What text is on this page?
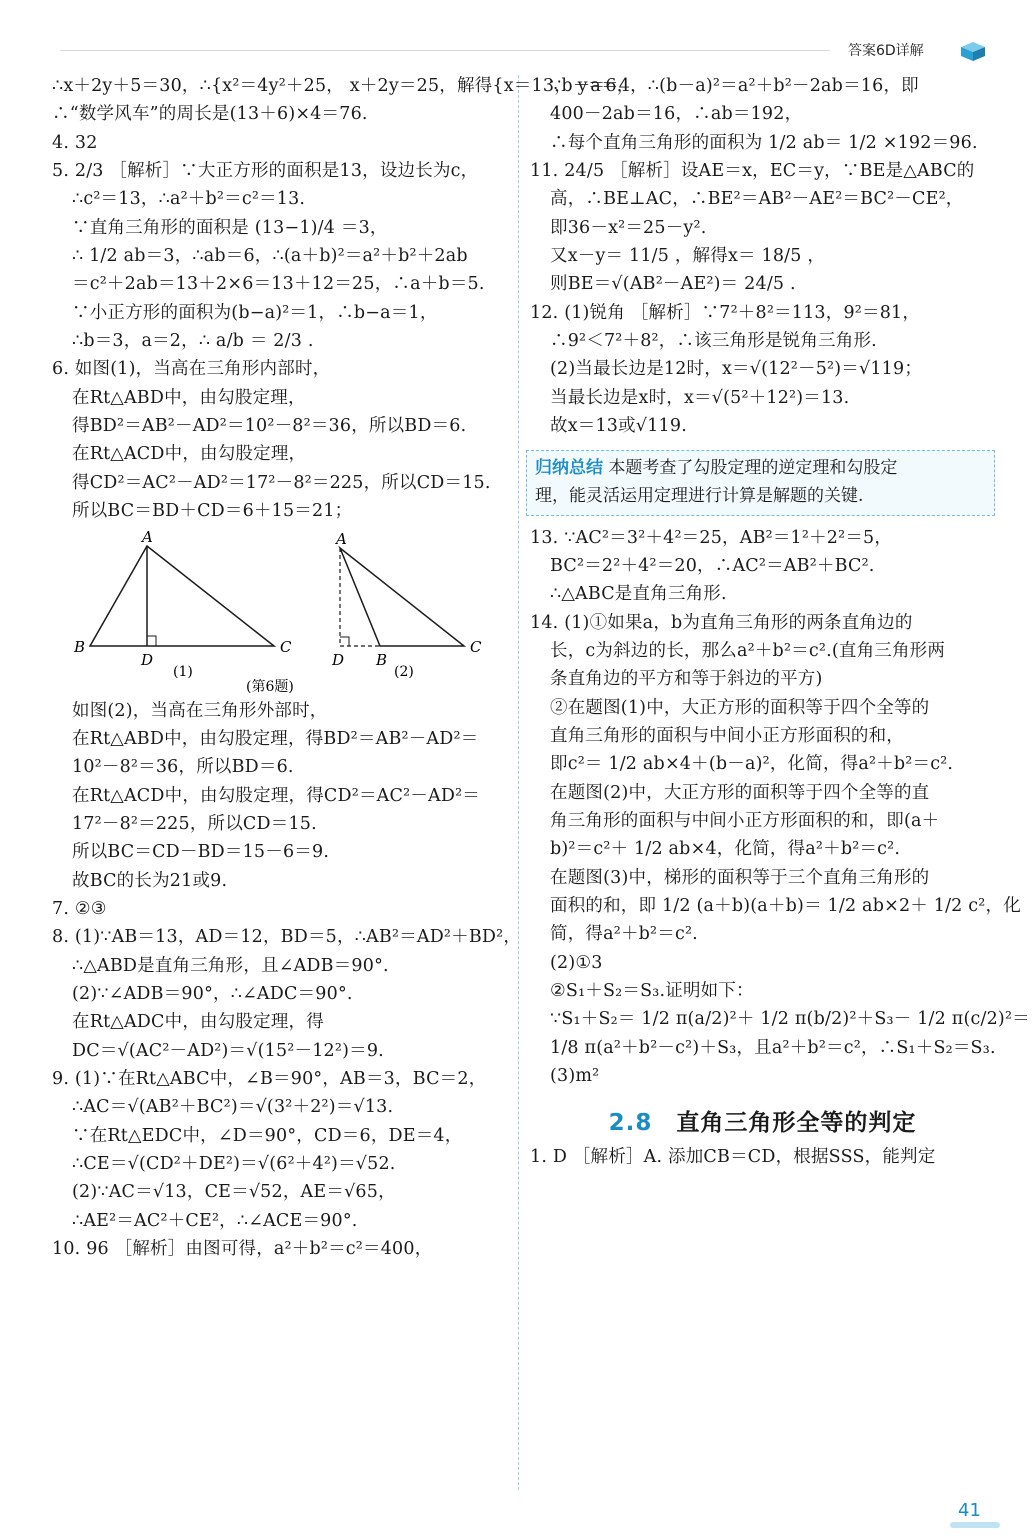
答案6D详解
∴x＋2y＋5＝30，∴{x²＝4y²＋25， x＋2y＝25，解得{x＝13， y＝6，
∴“数学风车”的周长是(13＋6)×4＝76.
4. 32
5. 2/3 ［解析］∵大正方形的面积是13，设边长为c，
∴c²＝13，∴a²＋b²＝c²＝13.
∵直角三角形的面积是 (13−1)/4 ＝3，
∴ 1/2 ab＝3，∴ab＝6，∴(a＋b)²＝a²＋b²＋2ab
＝c²＋2ab＝13＋2×6＝13＋12＝25，∴a＋b＝5.
∵小正方形的面积为(b−a)²＝1，∴b−a＝1，
∴b＝3，a＝2，∴ a/b ＝ 2/3 .
6. 如图(1)，当高在三角形内部时，
在Rt△ABD中，由勾股定理，
得BD²＝AB²－AD²＝10²－8²＝36，所以BD＝6.
在Rt△ACD中，由勾股定理，
得CD²＝AC²－AD²＝17²－8²＝225，所以CD＝15.
所以BC＝BD＋CD＝6＋15＝21；
A
B
D
C
(1)
A
D B
C
(2)
(第6题)
如图(2)，当高在三角形外部时，
在Rt△ABD中，由勾股定理，得BD²＝AB²－AD²＝
10²－8²＝36，所以BD＝6.
在Rt△ACD中，由勾股定理，得CD²＝AC²－AD²＝
17²－8²＝225，所以CD＝15.
所以BC＝CD－BD＝15－6＝9.
故BC的长为21或9.
7. ②③
8. (1)∵AB＝13，AD＝12，BD＝5，∴AB²＝AD²＋BD²，
∴△ABD是直角三角形，且∠ADB＝90°.
(2)∵∠ADB＝90°，∴∠ADC＝90°.
在Rt△ADC中，由勾股定理，得
DC＝√(AC²－AD²)＝√(15²－12²)＝9.
9. (1)∵在Rt△ABC中，∠B＝90°，AB＝3，BC＝2，
∴AC＝√(AB²＋BC²)＝√(3²＋2²)＝√13.
∵在Rt△EDC中，∠D＝90°，CD＝6，DE＝4，
∴CE＝√(CD²＋DE²)＝√(6²＋4²)＝√52.
(2)∵AC＝√13，CE＝√52，AE＝√65，
∴AE²＝AC²＋CE²，∴∠ACE＝90°.
10. 96 ［解析］由图可得，a²＋b²＝c²＝400，
∵b－a＝4，∴(b－a)²＝a²＋b²－2ab＝16，即
400－2ab＝16，∴ab＝192，
∴每个直角三角形的面积为 1/2 ab＝ 1/2 ×192＝96.
11. 24/5 ［解析］设AE＝x，EC＝y，∵BE是△ABC的
高，∴BE⊥AC，∴BE²＝AB²－AE²＝BC²－CE²，
即36－x²＝25－y².
又x－y＝ 11/5 ，解得x＝ 18/5 ，
则BE＝√(AB²－AE²)＝ 24/5 .
12. (1)锐角 ［解析］∵7²＋8²＝113，9²＝81，
∴9²＜7²＋8²，∴该三角形是锐角三角形.
(2)当最长边是12时，x＝√(12²－5²)＝√119；
当最长边是x时，x＝√(5²＋12²)＝13.
故x＝13或√119.
归纳总结 本题考查了勾股定理的逆定理和勾股定
理，能灵活运用定理进行计算是解题的关键.
13. ∵AC²＝3²＋4²＝25，AB²＝1²＋2²＝5，
BC²＝2²＋4²＝20，∴AC²＝AB²＋BC².
∴△ABC是直角三角形.
14. (1)①如果a，b为直角三角形的两条直角边的
长，c为斜边的长，那么a²＋b²＝c².(直角三角形两
条直角边的平方和等于斜边的平方)
②在题图(1)中，大正方形的面积等于四个全等的
直角三角形的面积与中间小正方形面积的和，
即c²＝ 1/2 ab×4＋(b－a)²，化简，得a²＋b²＝c².
在题图(2)中，大正方形的面积等于四个全等的直
角三角形的面积与中间小正方形面积的和，即(a＋
b)²＝c²＋ 1/2 ab×4，化简，得a²＋b²＝c².
在题图(3)中，梯形的面积等于三个直角三角形的
面积的和，即 1/2 (a＋b)(a＋b)＝ 1/2 ab×2＋ 1/2 c²，化
简，得a²＋b²＝c².
(2)①3
②S₁＋S₂＝S₃.证明如下：
∵S₁＋S₂＝ 1/2 π(a/2)²＋ 1/2 π(b/2)²＋S₃－ 1/2 π(c/2)²＝
1/8 π(a²＋b²－c²)＋S₃，且a²＋b²＝c²，∴S₁＋S₂＝S₃.
(3)m²
2.8 直角三角形全等的判定
1. D ［解析］A. 添加CB＝CD，根据SSS，能判定
41
